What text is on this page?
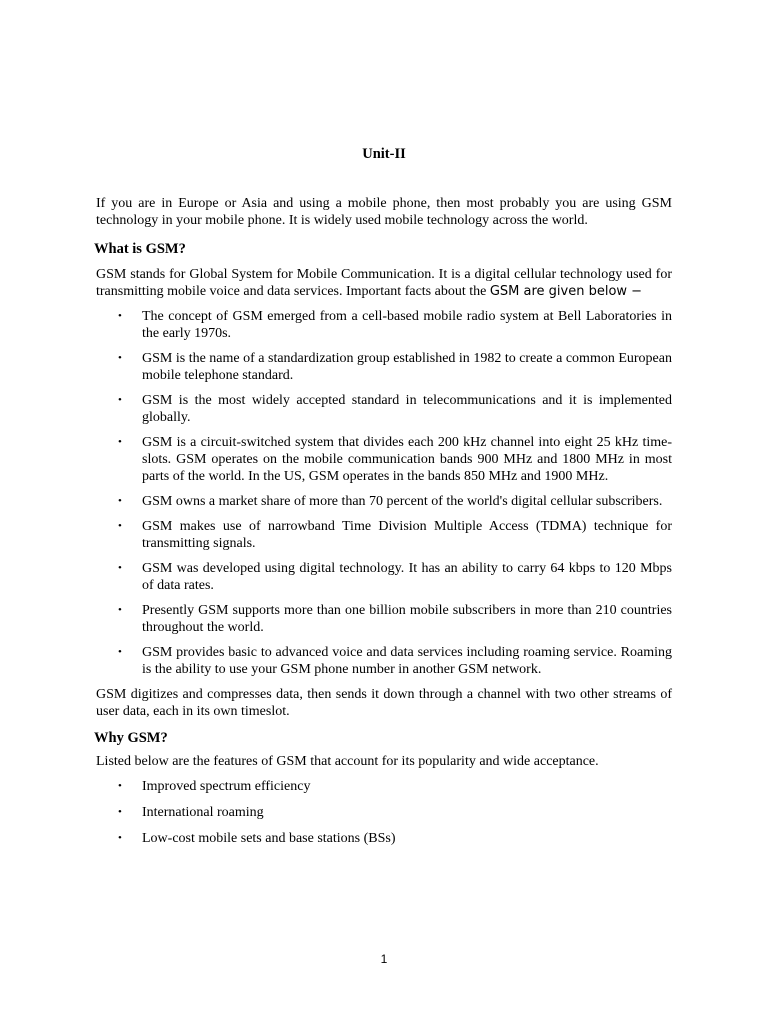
Unit-II

If you are in Europe or Asia and using a mobile phone, then most probably you are using GSM technology in your mobile phone. It is widely used mobile technology across the world.

What is GSM?

GSM stands for Global System for Mobile Communication. It is a digital cellular technology used for transmitting mobile voice and data services. Important facts about the GSM are given below −

• The concept of GSM emerged from a cell-based mobile radio system at Bell Laboratories in the early 1970s.
• GSM is the name of a standardization group established in 1982 to create a common European mobile telephone standard.
• GSM is the most widely accepted standard in telecommunications and it is implemented globally.
• GSM is a circuit-switched system that divides each 200 kHz channel into eight 25 kHz time-slots. GSM operates on the mobile communication bands 900 MHz and 1800 MHz in most parts of the world. In the US, GSM operates in the bands 850 MHz and 1900 MHz.
• GSM owns a market share of more than 70 percent of the world's digital cellular subscribers.
• GSM makes use of narrowband Time Division Multiple Access (TDMA) technique for transmitting signals.
• GSM was developed using digital technology. It has an ability to carry 64 kbps to 120 Mbps of data rates.
• Presently GSM supports more than one billion mobile subscribers in more than 210 countries throughout the world.
• GSM provides basic to advanced voice and data services including roaming service. Roaming is the ability to use your GSM phone number in another GSM network.

GSM digitizes and compresses data, then sends it down through a channel with two other streams of user data, each in its own timeslot.

Why GSM?

Listed below are the features of GSM that account for its popularity and wide acceptance.

• Improved spectrum efficiency
• International roaming
• Low-cost mobile sets and base stations (BSs)
1
